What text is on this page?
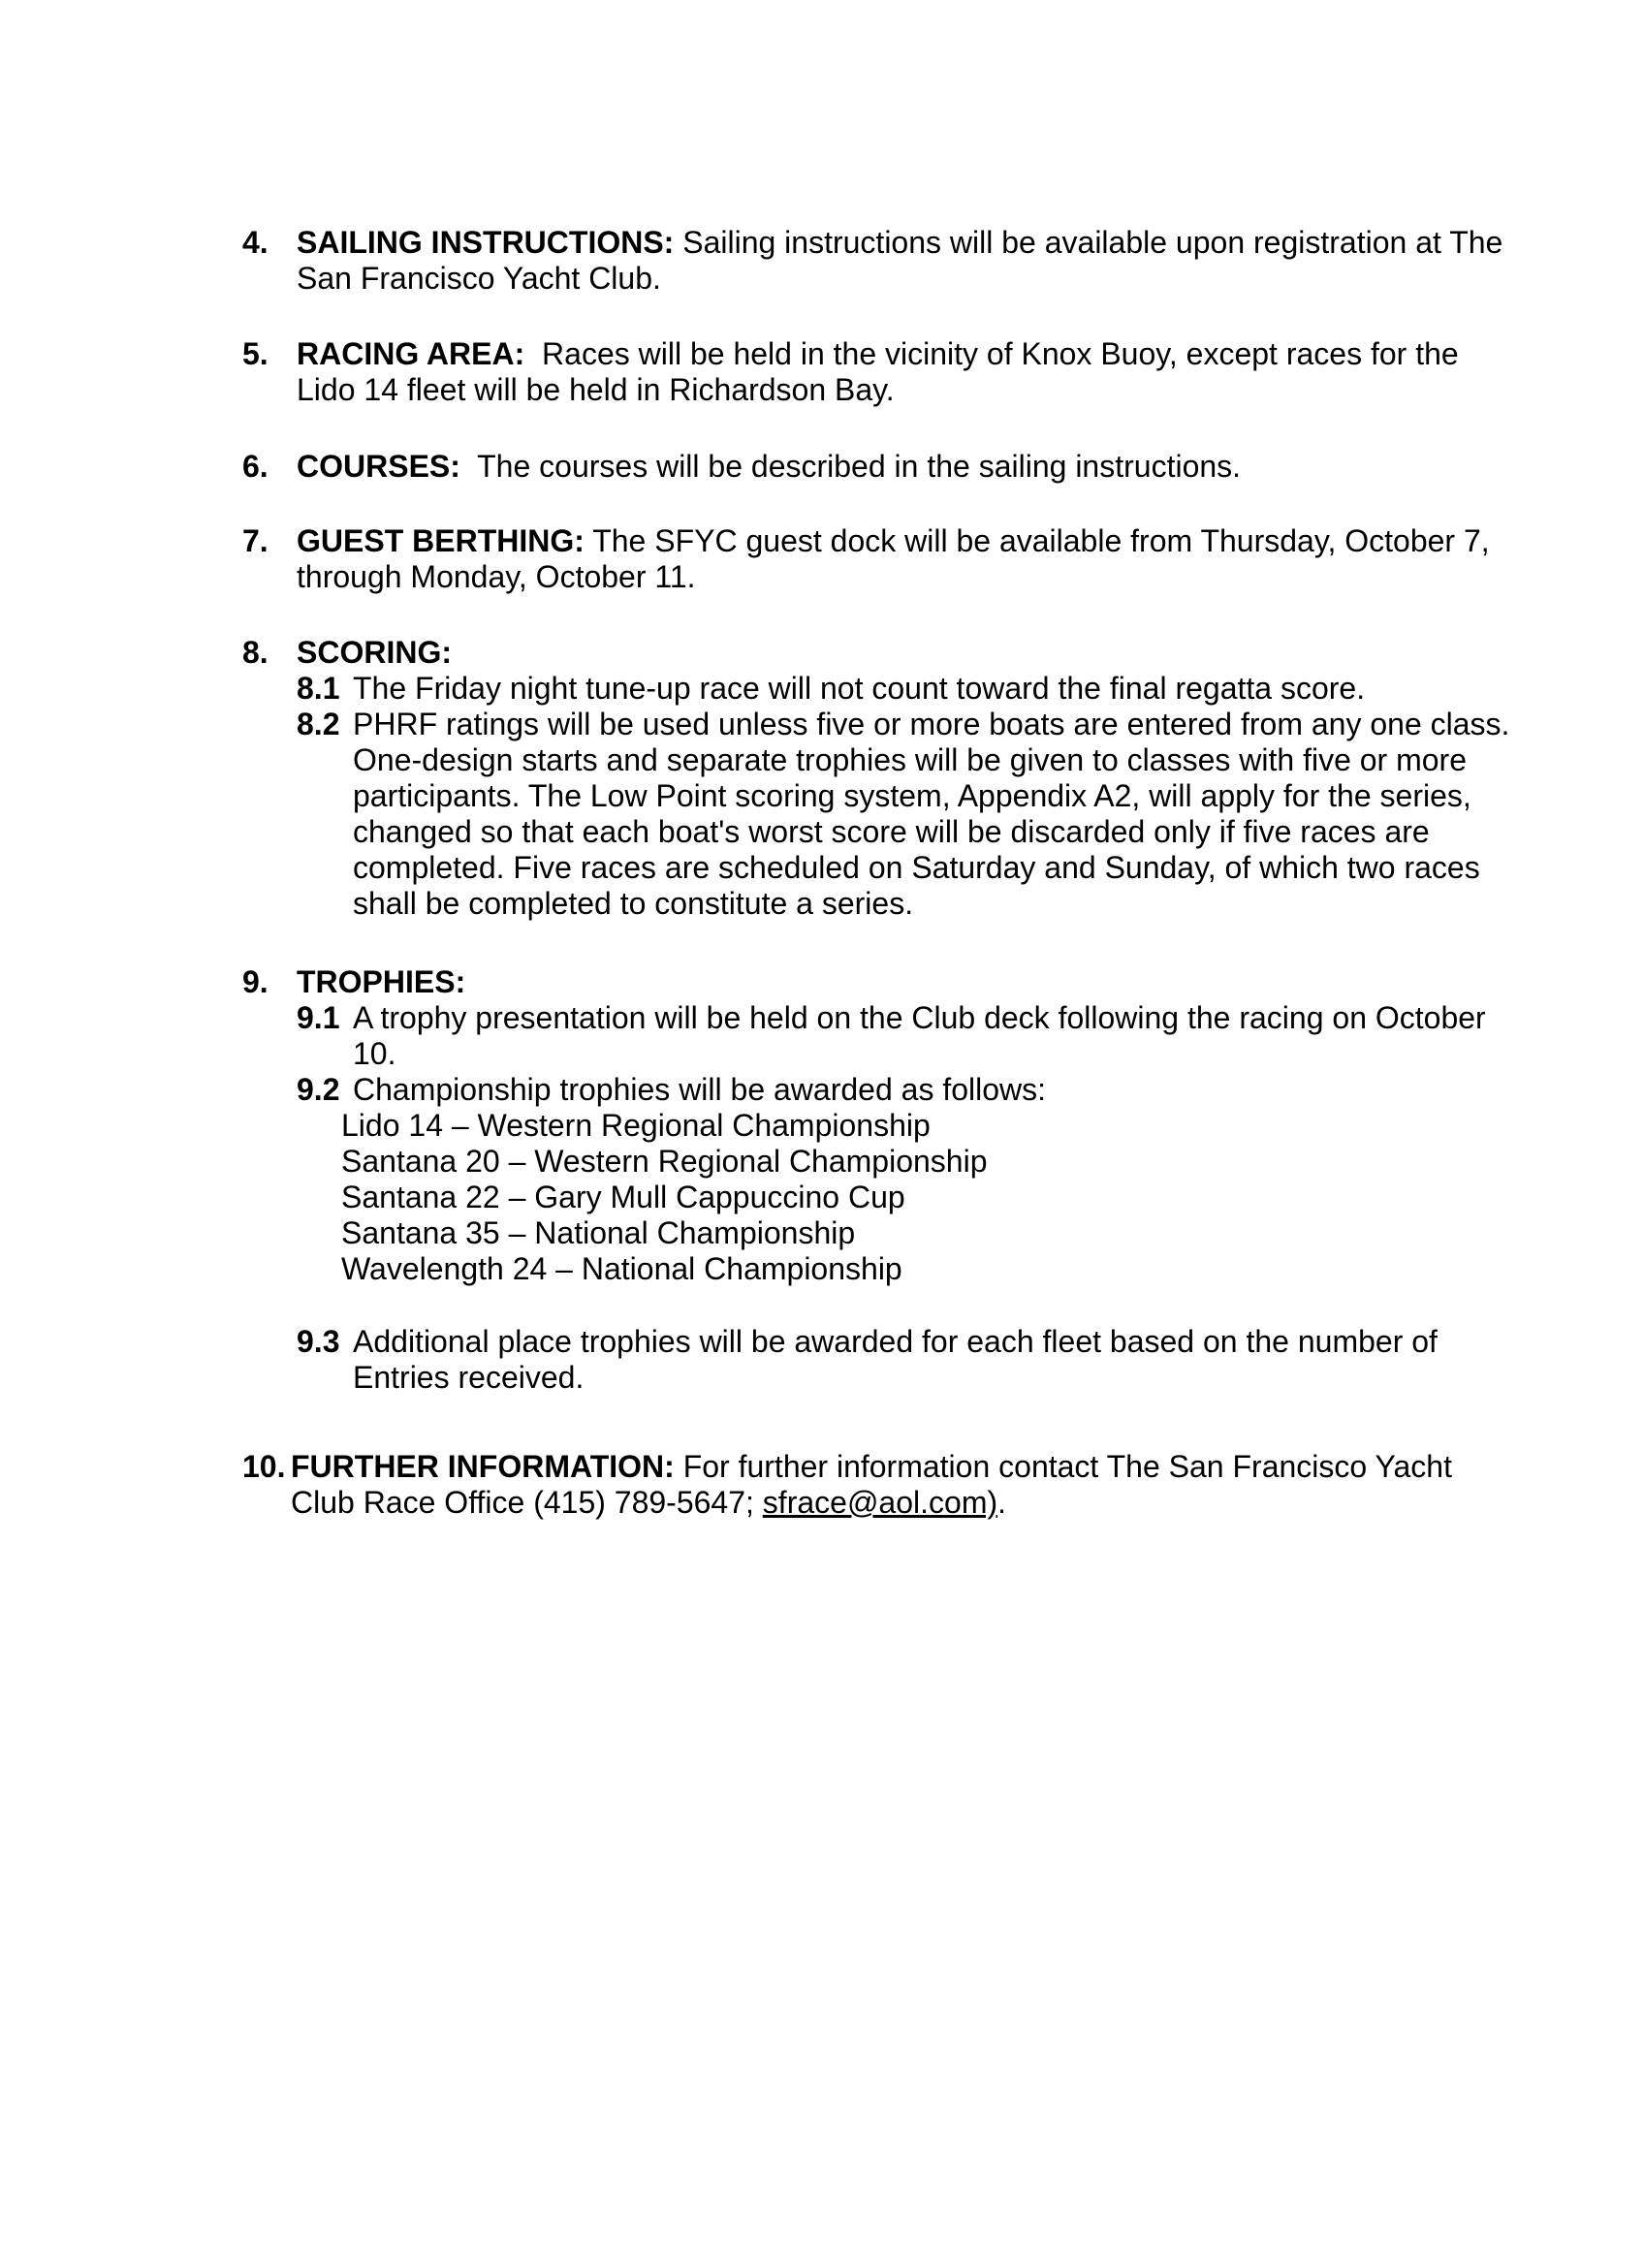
4. SAILING INSTRUCTIONS: Sailing instructions will be available upon registration at The San Francisco Yacht Club.
5. RACING AREA: Races will be held in the vicinity of Knox Buoy, except races for the Lido 14 fleet will be held in Richardson Bay.
6. COURSES: The courses will be described in the sailing instructions.
7. GUEST BERTHING: The SFYC guest dock will be available from Thursday, October 7, through Monday, October 11.
8. SCORING:
8.1 The Friday night tune-up race will not count toward the final regatta score.
8.2 PHRF ratings will be used unless five or more boats are entered from any one class. One-design starts and separate trophies will be given to classes with five or more participants. The Low Point scoring system, Appendix A2, will apply for the series, changed so that each boat's worst score will be discarded only if five races are completed. Five races are scheduled on Saturday and Sunday, of which two races shall be completed to constitute a series.
9. TROPHIES:
9.1 A trophy presentation will be held on the Club deck following the racing on October 10.
9.2 Championship trophies will be awarded as follows:
Lido 14 – Western Regional Championship
Santana 20 – Western Regional Championship
Santana 22 – Gary Mull Cappuccino Cup
Santana 35 – National Championship
Wavelength 24 – National Championship
9.3 Additional place trophies will be awarded for each fleet based on the number of Entries received.
10. FURTHER INFORMATION: For further information contact The San Francisco Yacht Club Race Office (415) 789-5647; sfrace@aol.com).
